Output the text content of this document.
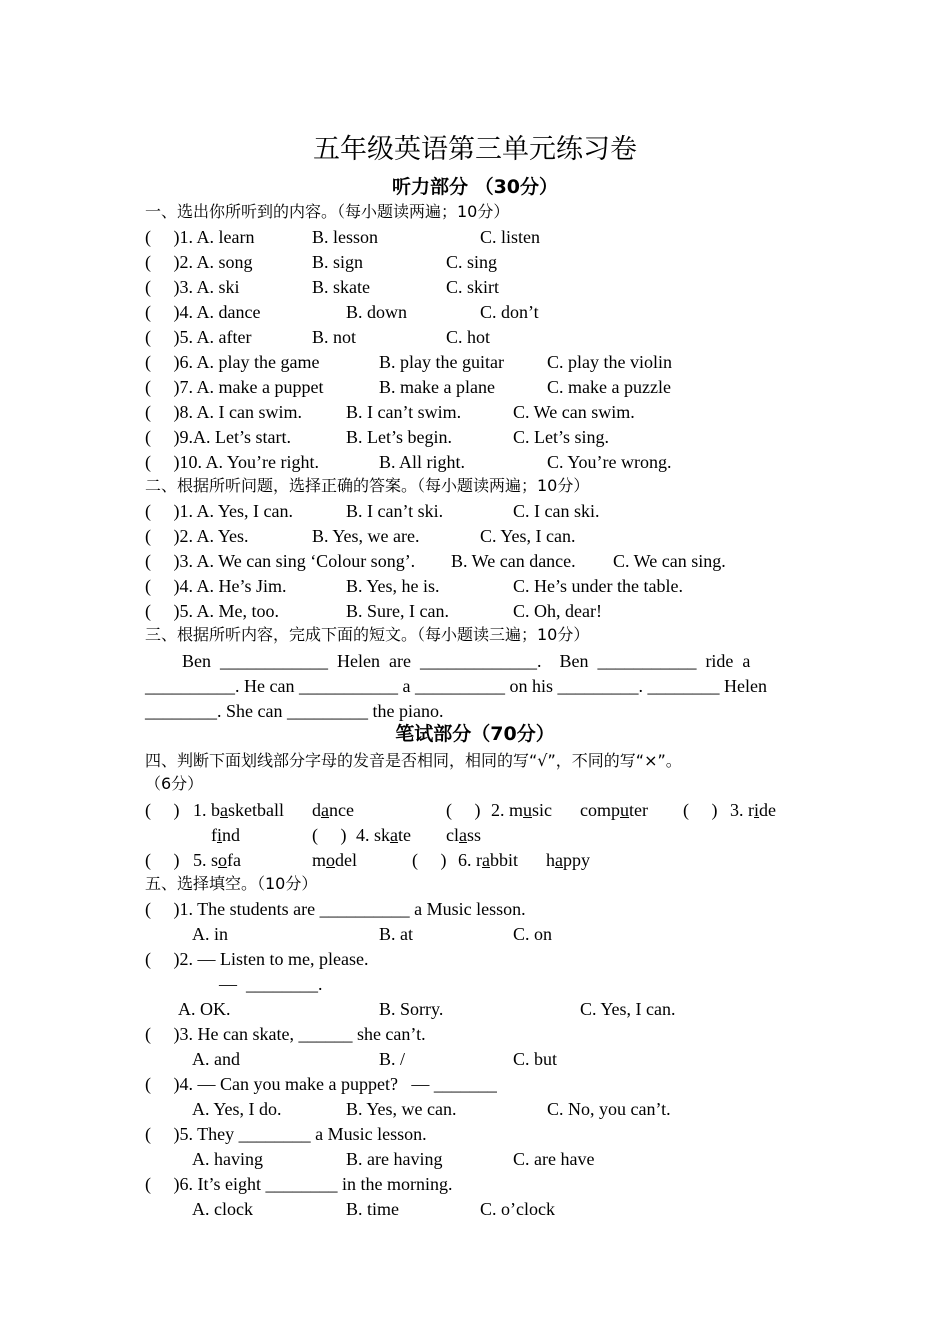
五年级英语第三单元练习卷
听力部分 （30分）
一、选出你所听到的内容。（每小题读两遍；10分）
(     )1. A. learn	B. lesson	C. listen
(     )2. A. song	B. sign	C. sing
(     )3. A. ski	B. skate	C. skirt
(     )4. A. dance	B. down	C. don’t
(     )5. A. after	B. not	C. hot
(     )6. A. play the game	B. play the guitar C. play the violin
(     )7. A. make a puppet	B. make a plane	C. make a puzzle
(     )8. A. I can swim. B. I can’t swim.	C. We can swim.
(     )9.A. Let’s start.	B. Let’s begin.	C. Let’s sing.
(     )10. A. You’re right.	B. All right.	C. You’re wrong.
二、根据所听问题，选择正确的答案。（每小题读两遍；10分）
(     )1. A. Yes, I can.	B. I can’t ski.	C. I can ski.
(     )2. A. Yes.	B. Yes, we are.	C. Yes, I can.
(     )3. A. We can sing ‘Colour song’. B. We can dance. C. We can sing.
(     )4. A. He’s Jim.	B. Yes, he is.	C. He’s under the table.
(     )5. A. Me, too.	B. Sure, I can.	C. Oh, dear!
三、根据所听内容，完成下面的短文。（每小题读三遍；10分）
Ben  ____________  Helen  are  _____________.    Ben  ___________  ride  a
__________. He can ___________ a __________ on his _________. ________ Helen
________. She can _________ the piano.
笔试部分（70分）
四、判断下面划线部分字母的发音是否相同，相同的写“√”，不同的写“×”。
（6分）
(     ) 1. basketball dance	(     ) 2. music computer (     ) 3. ride
find	(     ) 4. skate class
(     ) 5. sofa	model	(     ) 6. rabbit happy
五、选择填空。（10分）
(     )1. The students are __________ a Music lesson.
A. in	B. at	C. on
(     )2. — Listen to me, please.
—  ________.
A. OK.	B. Sorry.	C. Yes, I can.
(     )3. He can skate, ______ she can’t.
A. and	B. /	C. but
(     )4. — Can you make a puppet?   — _______
A. Yes, I do.	B. Yes, we can.	C. No, you can’t.
(     )5. They ________ a Music lesson.
A. having	B. are having	C. are have
(     )6. It’s eight ________ in the morning.
A. clock	B. time	C. o’clock
